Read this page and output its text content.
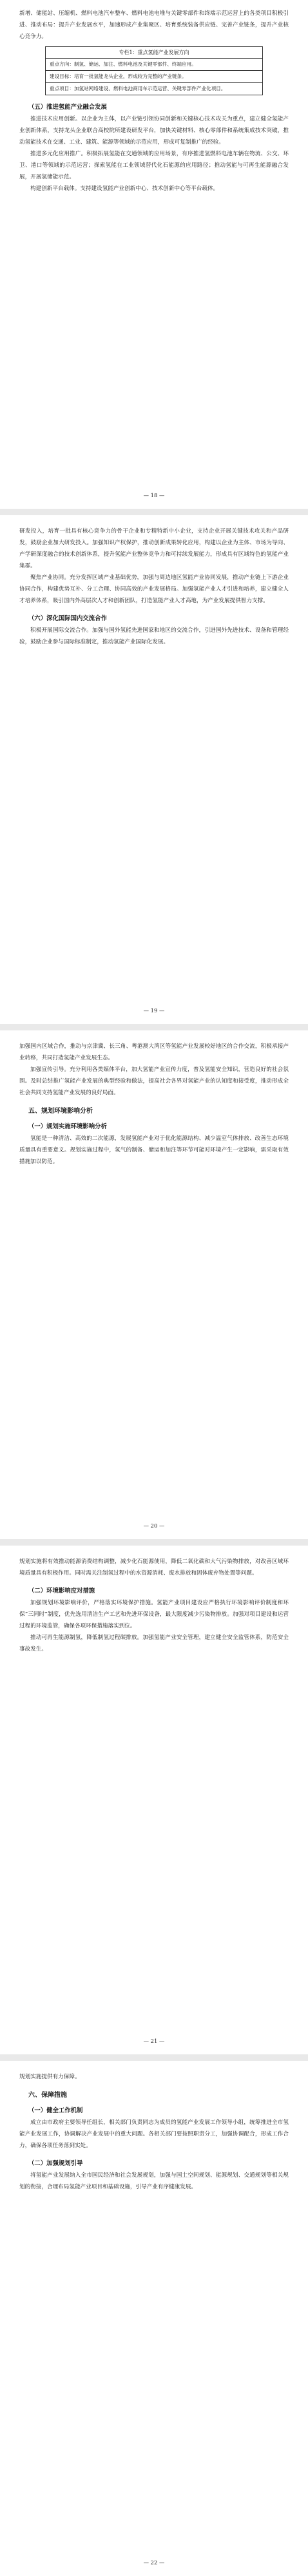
新增、储能站、压缩机、燃料电池汽车整车、燃料电池电堆与关键零部件和终端示范运营上的各类项目积极引进、推动布局：提升产业发展水平，加速形成产业集聚区、培育系统装备供应链、完善产业链条，提升产业核心竞争力。

专栏1：重点氢能产业发展方向
重点方向：制氢、储运、加注、燃料电池及关键零部件、终端应用。
建设目标：培育一批氢能龙头企业，形成较为完整的产业链条。
重点项目：加氢站网络建设、燃料电池商用车示范运营、关键零部件产业化项目。
（五）推进氢能产业融合发展

推进技术应用创新。以企业为主体，以产业链引领协同创新和关键核心技术攻关为重点，建立健全氢能产业创新体系，支持龙头企业联合高校院所建设研发平台，加快关键材料、核心零部件和系统集成技术突破，推动氢能技术在交通、工业、建筑、能源等领域的示范应用，形成可复制推广的经验。

推进多元化应用推广。积极拓展氢能在交通领域的应用场景，有序推进氢燃料电池车辆在物流、公交、环卫、港口等领域的示范运营；探索氢能在工业领域替代化石能源的应用路径；推动氢能与可再生能源融合发展，开展氢储能示范。

构建创新平台载体。支持建设氢能产业创新中心、技术创新中心等平台载体。

— 18 —

研发投入，培育一批具有核心竞争力的骨干企业和专精特新中小企业，支持企业开展关键技术攻关和产品研发，鼓励企业加大研发投入。加强知识产权保护，推动创新成果转化应用，构建以企业为主体、市场为导向、产学研深度融合的技术创新体系，提升氢能产业整体竞争力和可持续发展能力，形成具有区域特色的氢能产业集群。

聚焦产业协同。充分发挥区域产业基础优势，加强与周边地区氢能产业协同发展，推动产业链上下游企业协同合作，构建优势互补、分工合理、协同高效的产业发展格局。加强氢能产业人才引进和培养，建立健全人才培养体系，吸引国内外高层次人才和创新团队，打造氢能产业人才高地，为产业发展提供智力支撑。

（六）深化国际国内交流合作

积极开展国际交流合作。加强与国外氢能先进国家和地区的交流合作，引进国外先进技术、设备和管理经验，鼓励企业参与国际标准制定，推动氢能产业国际化发展。

— 19 —

加强国内区域合作，推动与京津冀、长三角、粤港澳大湾区等氢能产业发展较好地区的合作交流，积极承接产业转移，共同打造氢能产业发展生态。

加强宣传引导。充分利用各类媒体平台，加大氢能产业宣传力度，普及氢能安全知识，营造良好的社会氛围。及时总结推广氢能产业发展的典型经验和做法，提高社会各界对氢能产业的认知度和接受度，推动形成全社会共同支持氢能产业发展的良好局面。

五、规划环境影响分析
（一）规划实施环境影响分析

氢能是一种清洁、高效的二次能源，发展氢能产业对于优化能源结构、减少温室气体排放、改善生态环境质量具有重要意义。规划实施过程中，氢气的制备、储运和加注等环节可能对环境产生一定影响，需采取有效措施加以防范。

— 20 —

规划实施将有效推动能源消费结构调整，减少化石能源使用，降低二氧化碳和大气污染物排放，对改善区域环境质量具有积极作用。同时需关注制氢过程中的水资源消耗、废水排放和固体废弃物处置等问题。

（二）环境影响应对措施

加强规划环境影响评价，严格落实环境保护措施。氢能产业项目建设应严格执行环境影响评价制度和环保“三同时”制度，优先选用清洁生产工艺和先进环保设备，最大限度减少污染物排放。加强对项目建设和运营过程的环境监管，确保各项环保措施落实到位。

推动可再生能源制氢，降低制氢过程碳排放。加强氢能产业安全管理，建立健全安全监管体系，防范安全事故发生。

— 21 —

规划实施提供有力保障。

六、保障措施
（一）健全工作机制

成立由市政府主要领导任组长，相关部门负责同志为成员的氢能产业发展工作领导小组，统筹推进全市氢能产业发展工作，协调解决产业发展中的重大问题。各相关部门要按照职责分工，加强协调配合，形成工作合力，确保各项任务落到实处。

（二）加强规划引导

将氢能产业发展纳入全市国民经济和社会发展规划，加强与国土空间规划、能源规划、交通规划等相关规划的衔接，合理布局氢能产业项目和基础设施，引导产业有序健康发展。

— 22 —
